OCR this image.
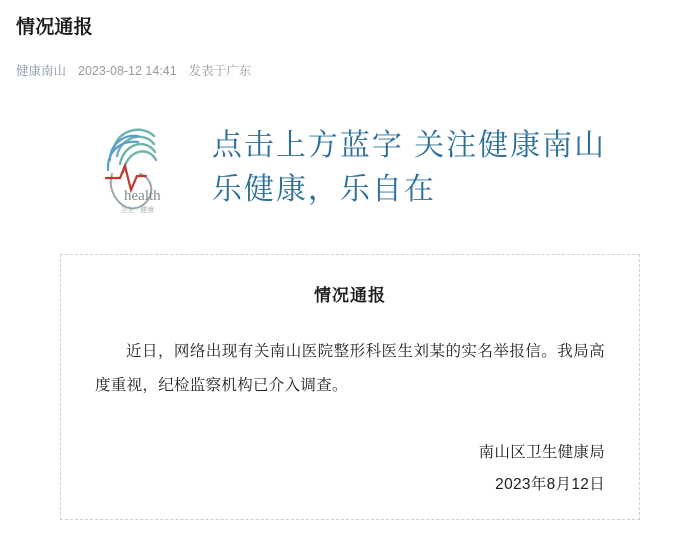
情况通报
健康南山 2023-08-12 14:41 发表于广东
health
卫生 · 健康
点击上方蓝字 关注健康南山
乐健康，乐自在
情况通报
近日，网络出现有关南山医院整形科医生刘某的实名举报信。我局高度重视，纪检监察机构已介入调查。
南山区卫生健康局
2023年8月12日
